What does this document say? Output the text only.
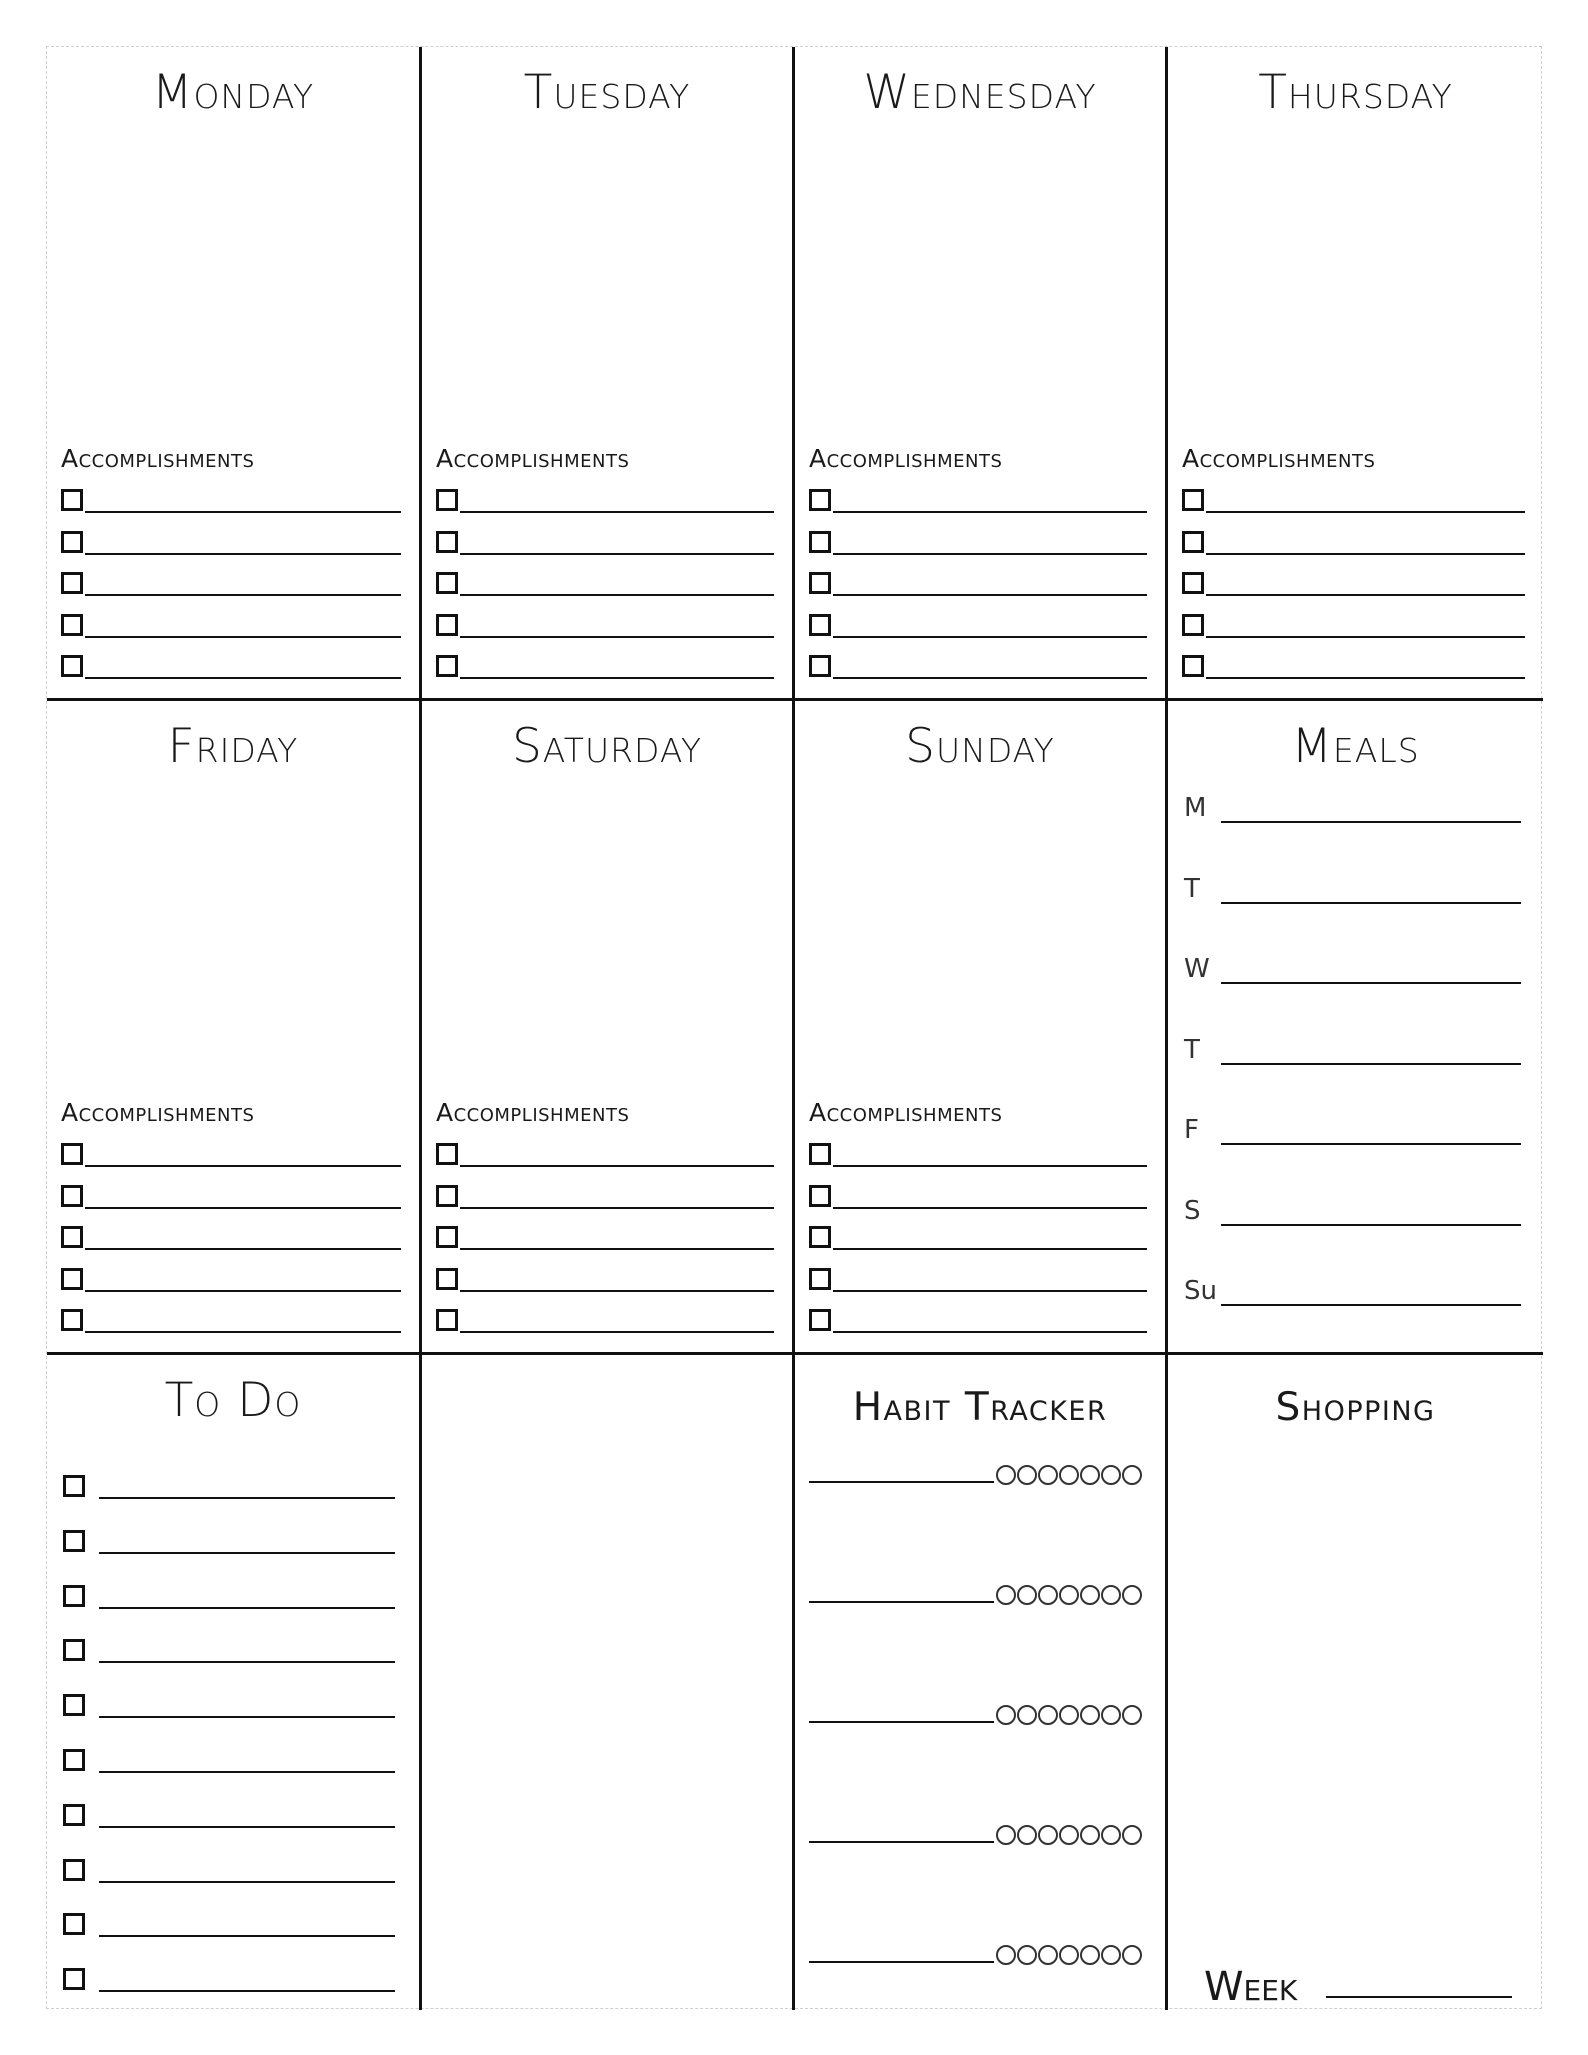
Monday
Accomplishments
Tuesday
Accomplishments
Wednesday
Accomplishments
Thursday
Accomplishments
Friday
Accomplishments
Saturday
Accomplishments
Sunday
Accomplishments
Meals
M
T
W
T
F
S
Su
To Do	Habit Tracker	Shopping
Week
